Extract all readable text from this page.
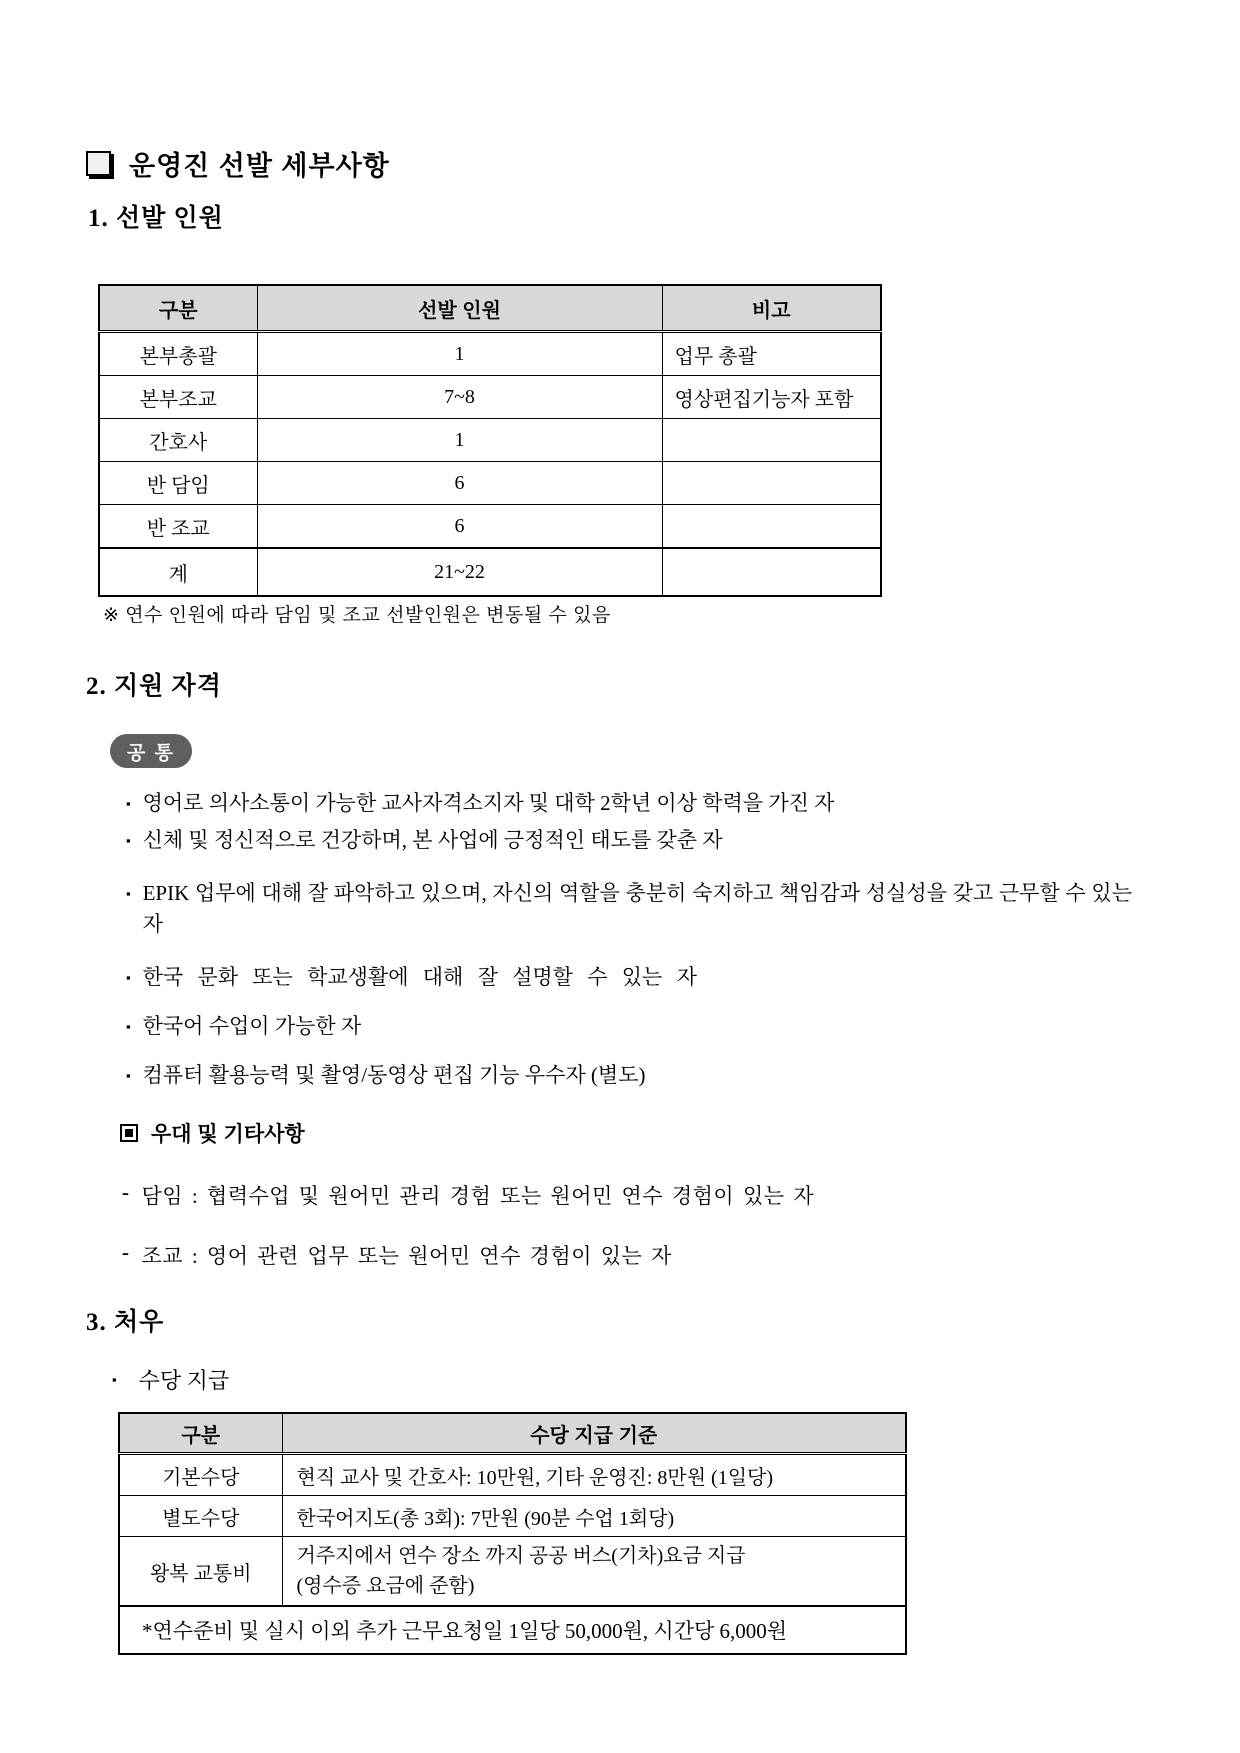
운영진 선발 세부사항
1. 선발 인원
구분	선발 인원	비고
본부총괄	1	업무 총괄
본부조교	7~8	영상편집기능자 포함
간호사	1	
반 담임	6	
반 조교	6	
계	21~22	

※ 연수 인원에 따라 담임 및 조교 선발인원은 변동될 수 있음

2. 지원 자격
공 통
▪ 영어로 의사소통이 가능한 교사자격소지자 및 대학 2학년 이상 학력을 가진 자
▪ 신체 및 정신적으로 건강하며, 본 사업에 긍정적인 태도를 갖춘 자
▪ EPIK 업무에 대해 잘 파악하고 있으며, 자신의 역할을 충분히 숙지하고 책임감과 성실성을 갖고 근무할 수 있는 자
▪ 한국 문화 또는 학교생활에 대해 잘 설명할 수 있는 자
▪ 한국어 수업이 가능한 자
▪ 컴퓨터 활용능력 및 촬영/동영상 편집 기능 우수자 (별도)
우대 및 기타사항
- 담임 : 협력수업 및 원어민 관리 경험 또는 원어민 연수 경험이 있는 자
- 조교 : 영어 관련 업무 또는 원어민 연수 경험이 있는 자
3. 처우
▪ 수당 지급
구분	수당 지급 기준
기본수당	현직 교사 및 간호사: 10만원, 기타 운영진: 8만원 (1일당)
별도수당	한국어지도(총 3회): 7만원 (90분 수업 1회당)
왕복 교통비	거주지에서 연수 장소 까지 공공 버스(기차)요금 지급
(영수증 요금에 준함)

*연수준비 및 실시 이외 추가 근무요청일 1일당 50,000원, 시간당 6,000원	
